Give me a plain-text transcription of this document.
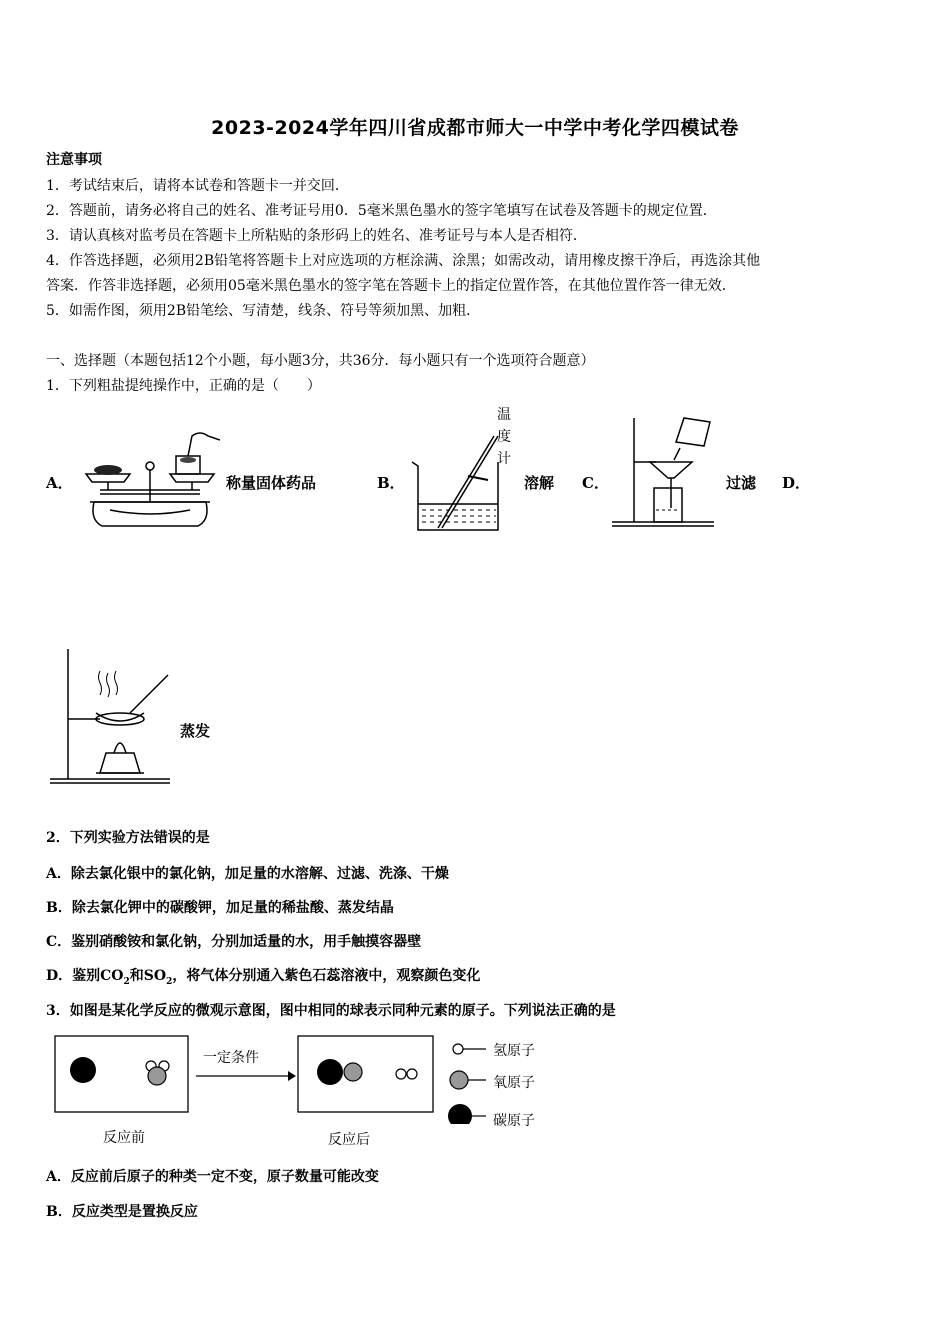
2023-2024学年四川省成都市师大一中学中考化学四模试卷
注意事项
1．考试结束后，请将本试卷和答题卡一并交回．
2．答题前，请务必将自己的姓名、准考证号用0．5毫米黑色墨水的签字笔填写在试卷及答题卡的规定位置．
3．请认真核对监考员在答题卡上所粘贴的条形码上的姓名、准考证号与本人是否相符．
4．作答选择题，必须用2B铅笔将答题卡上对应选项的方框涂满、涂黑；如需改动，请用橡皮擦干净后，再选涂其他
答案．作答非选择题，必须用05毫米黑色墨水的签字笔在答题卡上的指定位置作答，在其他位置作答一律无效．
5．如需作图，须用2B铅笔绘、写清楚，线条、符号等须加黑、加粗．
一、选择题（本题包括12个小题，每小题3分，共36分．每小题只有一个选项符合题意）
1．下列粗盐提纯操作中，正确的是（　　）
A．	称量固体药品	B．
温
度
计
溶解 C．	过滤 D．
蒸发
2．下列实验方法错误的是
A．除去氯化银中的氯化钠，加足量的水溶解、过滤、洗涤、干燥
B．除去氯化钾中的碳酸钾，加足量的稀盐酸、蒸发结晶
C．鉴别硝酸铵和氯化钠，分别加适量的水，用手触摸容器壁
D．鉴别$CO_2$和$SO_2$，将气体分别通入紫色石蕊溶液中，观察颜色变化
3．如图是某化学反应的微观示意图，图中相同的球表示同种元素的原子。下列说法正确的是
一定条件
反应前	反应后
氢原子
氧原子
碳原子
A．反应前后原子的种类一定不变，原子数量可能改变
B．反应类型是置换反应
